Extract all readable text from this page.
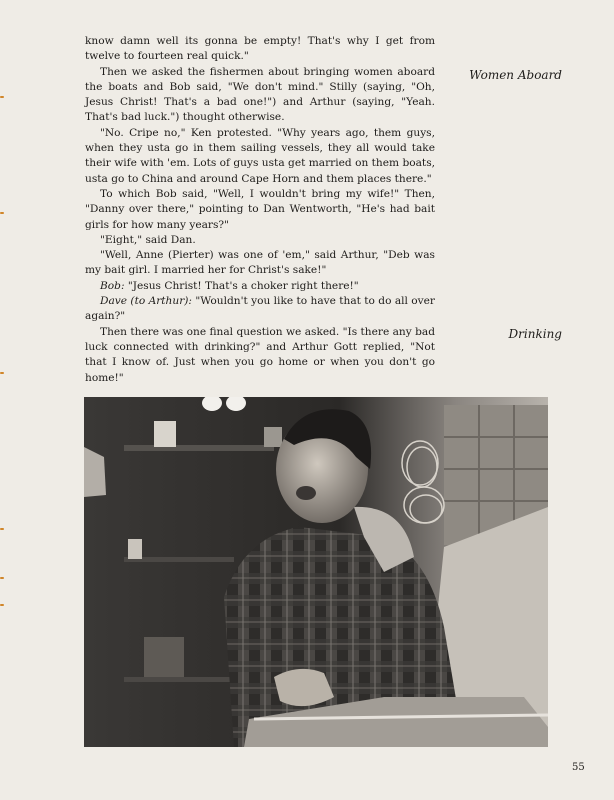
know damn well its gonna be empty! That's why I get from twelve to fourteen real quick."

Then we asked the fishermen about bringing women aboard the boats and Bob said, "We don't mind." Stilly (saying, "Oh, Jesus Christ! That's a bad one!") and Arthur (saying, "Yeah. That's bad luck.") thought otherwise.

"No. Cripe no," Ken protested. "Why years ago, them guys, when they usta go in them sailing vessels, they all would take their wife with 'em. Lots of guys usta get married on them boats, usta go to China and around Cape Horn and them places there."

To which Bob said, "Well, I wouldn't bring my wife!" Then, "Danny over there," pointing to Dan Wentworth, "He's had bait girls for how many years?"

"Eight," said Dan.

"Well, Anne (Pierter) was one of 'em," said Arthur, "Deb was my bait girl. I married her for Christ's sake!"

Bob: "Jesus Christ! That's a choker right there!"

Dave (to Arthur): "Wouldn't you like to have that to do all over again?"

Then there was one final question we asked. "Is there any bad luck connected with drinking?" and Arthur Gott replied, "Not that I know of. Just when you go home or when you don't go home!"

Women Aboard
Drinking
55
